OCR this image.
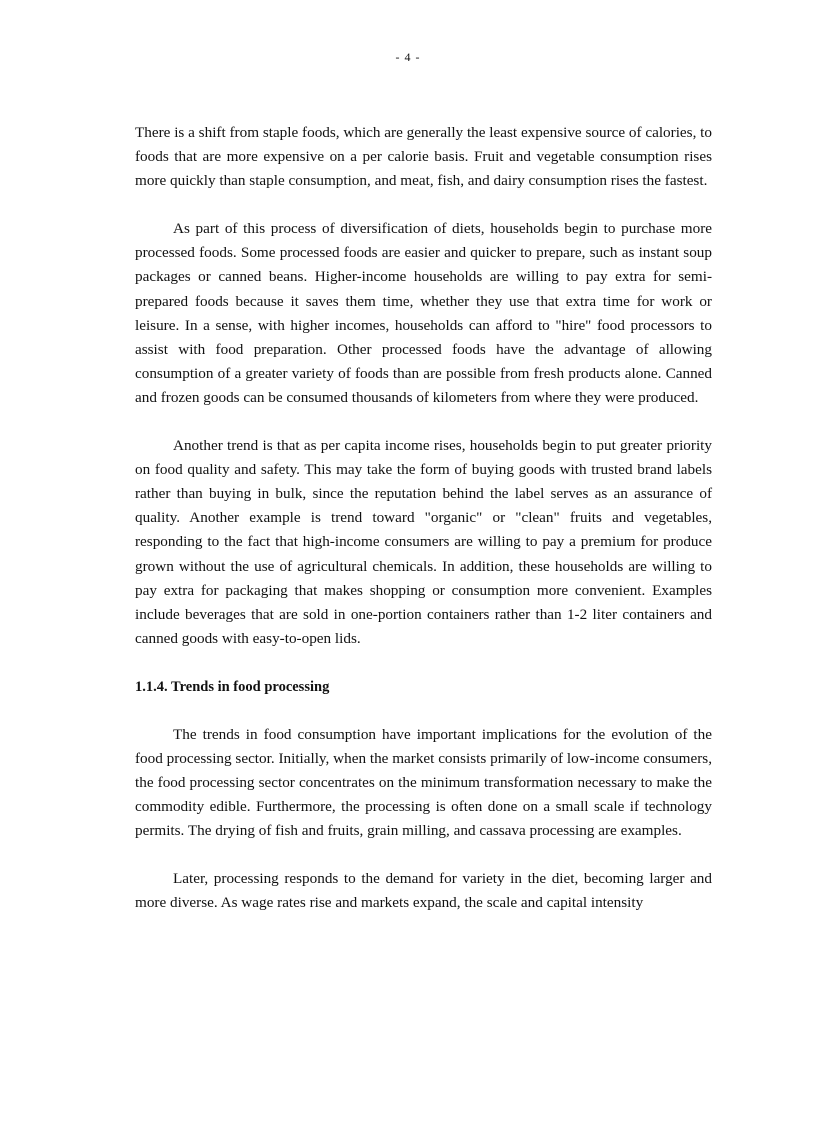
- 4 -

There is a shift from staple foods, which are generally the least expensive source of calories, to foods that are more expensive on a per calorie basis. Fruit and vegetable consumption rises more quickly than staple consumption, and meat, fish, and dairy consumption rises the fastest.

As part of this process of diversification of diets, households begin to purchase more processed foods. Some processed foods are easier and quicker to prepare, such as instant soup packages or canned beans. Higher-income households are willing to pay extra for semi-prepared foods because it saves them time, whether they use that extra time for work or leisure. In a sense, with higher incomes, households can afford to "hire" food processors to assist with food preparation. Other processed foods have the advantage of allowing consumption of a greater variety of foods than are possible from fresh products alone. Canned and frozen goods can be consumed thousands of kilometers from where they were produced.

Another trend is that as per capita income rises, households begin to put greater priority on food quality and safety. This may take the form of buying goods with trusted brand labels rather than buying in bulk, since the reputation behind the label serves as an assurance of quality. Another example is trend toward "organic" or "clean" fruits and vegetables, responding to the fact that high-income consumers are willing to pay a premium for produce grown without the use of agricultural chemicals. In addition, these households are willing to pay extra for packaging that makes shopping or consumption more convenient. Examples include beverages that are sold in one-portion containers rather than 1-2 liter containers and canned goods with easy-to-open lids.

1.1.4. Trends in food processing

The trends in food consumption have important implications for the evolution of the food processing sector. Initially, when the market consists primarily of low-income consumers, the food processing sector concentrates on the minimum transformation necessary to make the commodity edible. Furthermore, the processing is often done on a small scale if technology permits. The drying of fish and fruits, grain milling, and cassava processing are examples.

Later, processing responds to the demand for variety in the diet, becoming larger and more diverse. As wage rates rise and markets expand, the scale and capital intensity
